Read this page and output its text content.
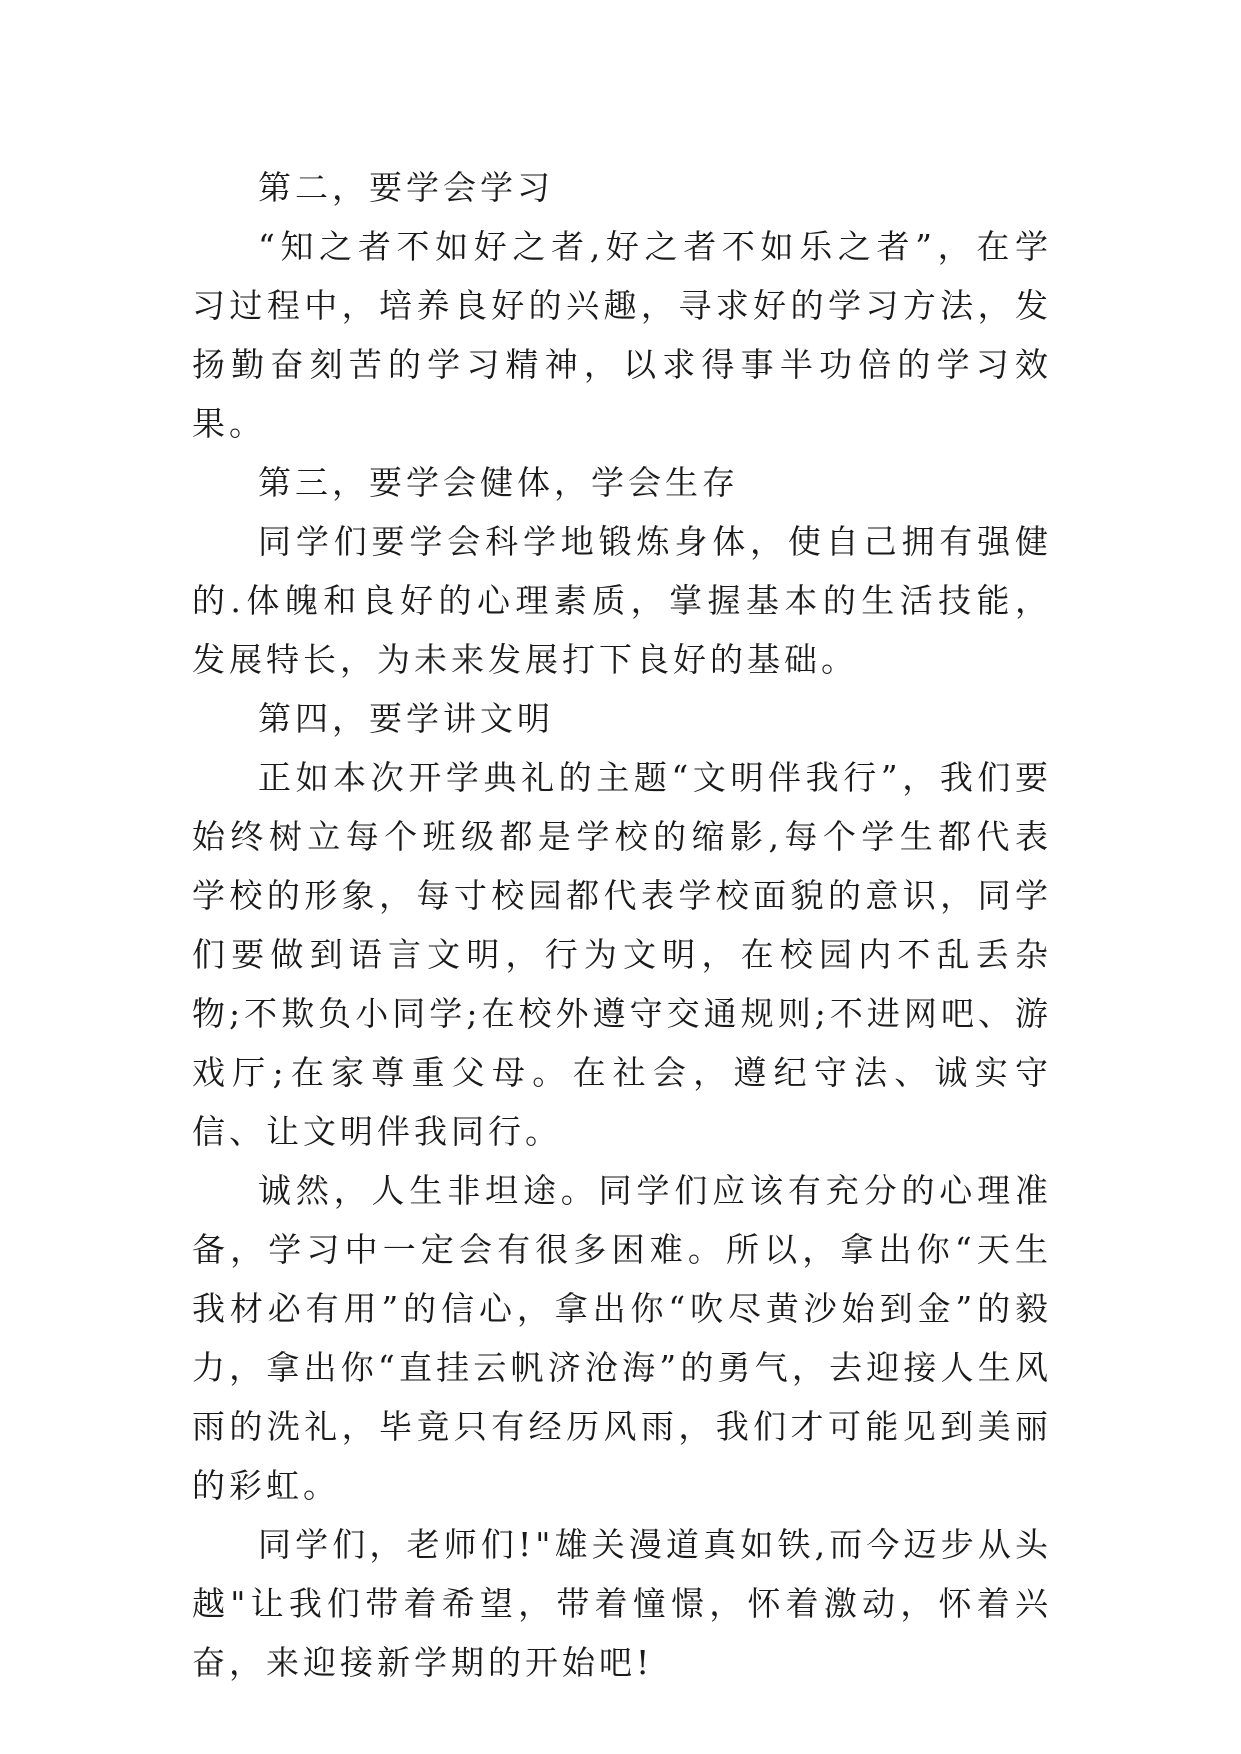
第二，要学会学习

“知之者不如好之者,好之者不如乐之者”，在学习过程中，培养良好的兴趣，寻求好的学习方法，发扬勤奋刻苦的学习精神，以求得事半功倍的学习效果。

第三，要学会健体，学会生存

同学们要学会科学地锻炼身体，使自己拥有强健的.体魄和良好的心理素质，掌握基本的生活技能，发展特长，为未来发展打下良好的基础。

第四，要学讲文明

正如本次开学典礼的主题“文明伴我行”，我们要始终树立每个班级都是学校的缩影,每个学生都代表学校的形象，每寸校园都代表学校面貌的意识，同学们要做到语言文明，行为文明，在校园内不乱丢杂物;不欺负小同学;在校外遵守交通规则;不进网吧、游戏厅;在家尊重父母。在社会，遵纪守法、诚实守信、让文明伴我同行。

诚然，人生非坦途。同学们应该有充分的心理准备，学习中一定会有很多困难。所以，拿出你“天生我材必有用”的信心，拿出你“吹尽黄沙始到金”的毅力，拿出你“直挂云帆济沧海”的勇气，去迎接人生风雨的洗礼，毕竟只有经历风雨，我们才可能见到美丽的彩虹。

同学们，老师们!"雄关漫道真如铁,而今迈步从头越"让我们带着希望，带着憧憬，怀着激动，怀着兴奋，来迎接新学期的开始吧!
